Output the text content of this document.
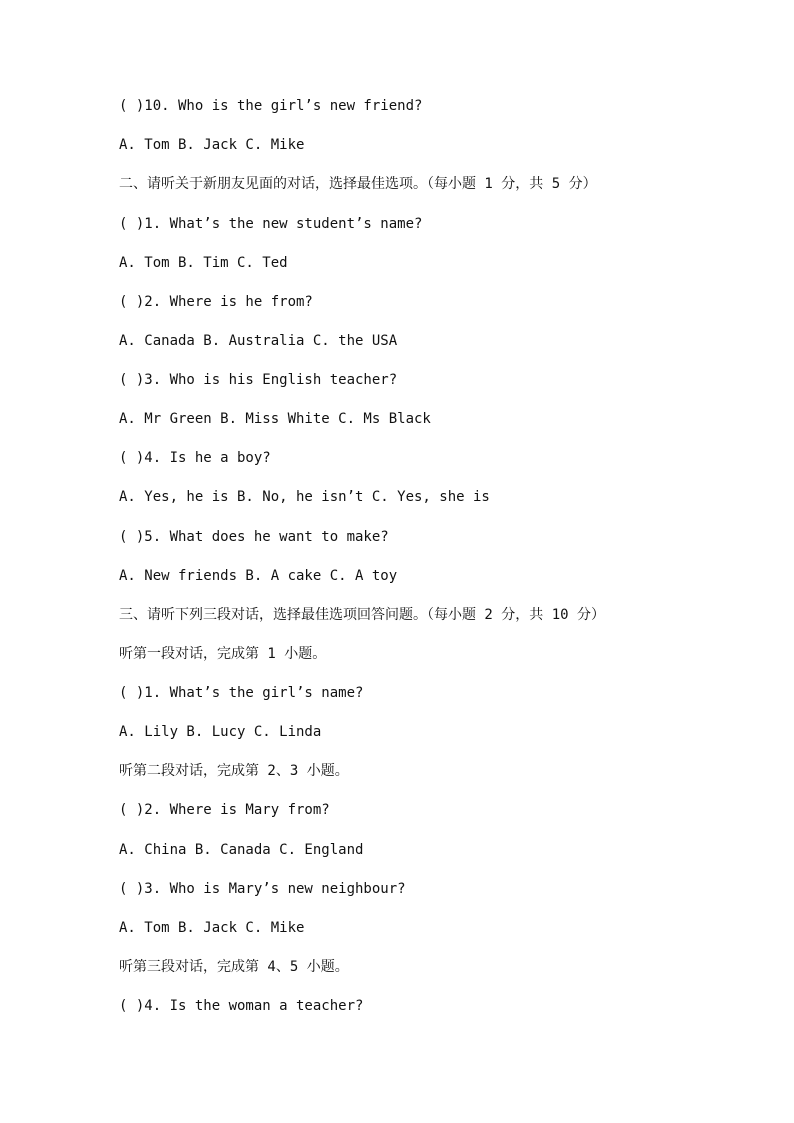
( )10. Who is the girl’s new friend?

A. Tom B. Jack C. Mike

二、请听关于新朋友见面的对话，选择最佳选项。（每小题 1 分，共 5 分）

( )1. What’s the new student’s name?

A. Tom B. Tim C. Ted

( )2. Where is he from?

A. Canada B. Australia C. the USA

( )3. Who is his English teacher?

A. Mr Green B. Miss White C. Ms Black

( )4. Is he a boy?

A. Yes, he is B. No, he isn’t C. Yes, she is

( )5. What does he want to make?

A. New friends B. A cake C. A toy

三、请听下列三段对话，选择最佳选项回答问题。（每小题 2 分，共 10 分）

听第一段对话，完成第 1 小题。

( )1. What’s the girl’s name?

A. Lily B. Lucy C. Linda

听第二段对话，完成第 2、3 小题。

( )2. Where is Mary from?

A. China B. Canada C. England

( )3. Who is Mary’s new neighbour?

A. Tom B. Jack C. Mike

听第三段对话，完成第 4、5 小题。

( )4. Is the woman a teacher?
